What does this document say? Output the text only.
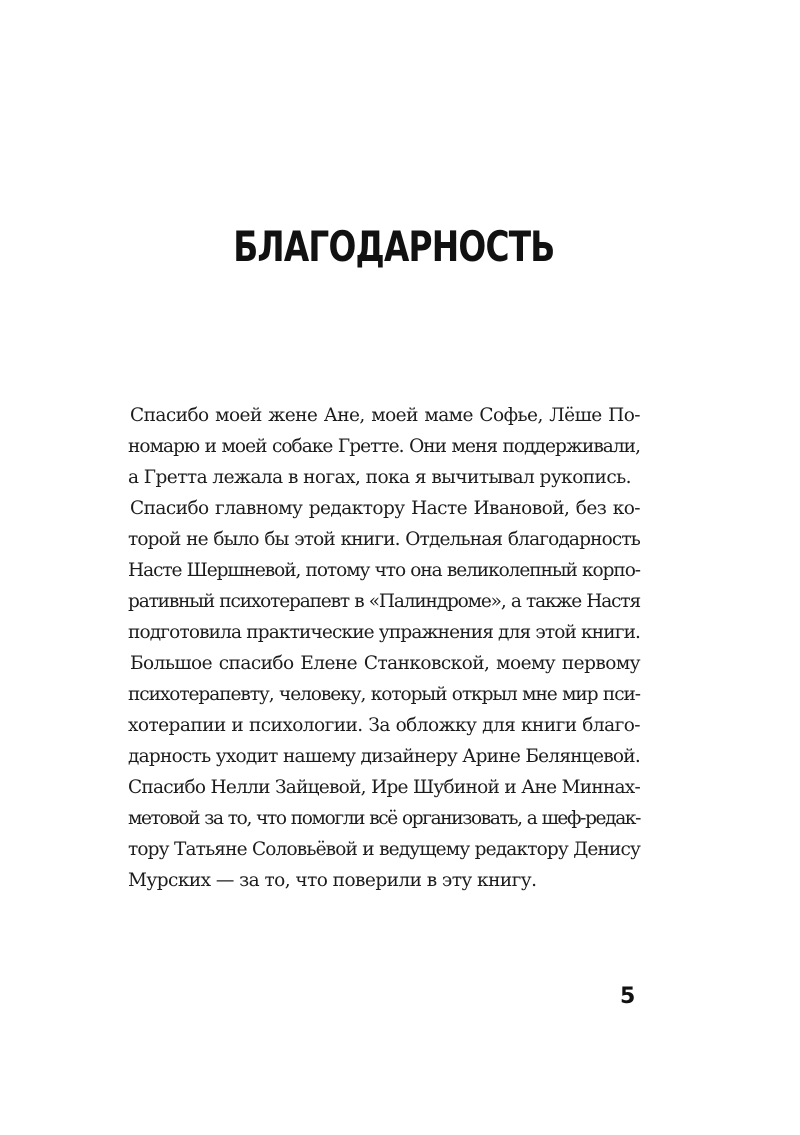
БЛАГОДАРНОСТЬ

Спасибо моей жене Ане, моей маме Софье, Лёше По-
номарю и моей собаке Гретте. Они меня поддерживали,
а Гретта лежала в ногах, пока я вычитывал рукопись.

Спасибо главному редактору Насте Ивановой, без ко-
торой не было бы этой книги. Отдельная благодарность
Насте Шершневой, потому что она великолепный корпо-
ративный психотерапевт в «Палиндроме», а также Настя
подготовила практические упражнения для этой книги.

Большое спасибо Елене Станковской, моему первому
психотерапевту, человеку, который открыл мне мир пси-
хотерапии и психологии. За обложку для книги благо-
дарность уходит нашему дизайнеру Арине Белянцевой.
Спасибо Нелли Зайцевой, Ире Шубиной и Ане Миннах-
метовой за то, что помогли всё организовать, а шеф-редак-
тору Татьяне Соловьёвой и ведущему редактору Денису
Мурских — за то, что поверили в эту книгу.

5
